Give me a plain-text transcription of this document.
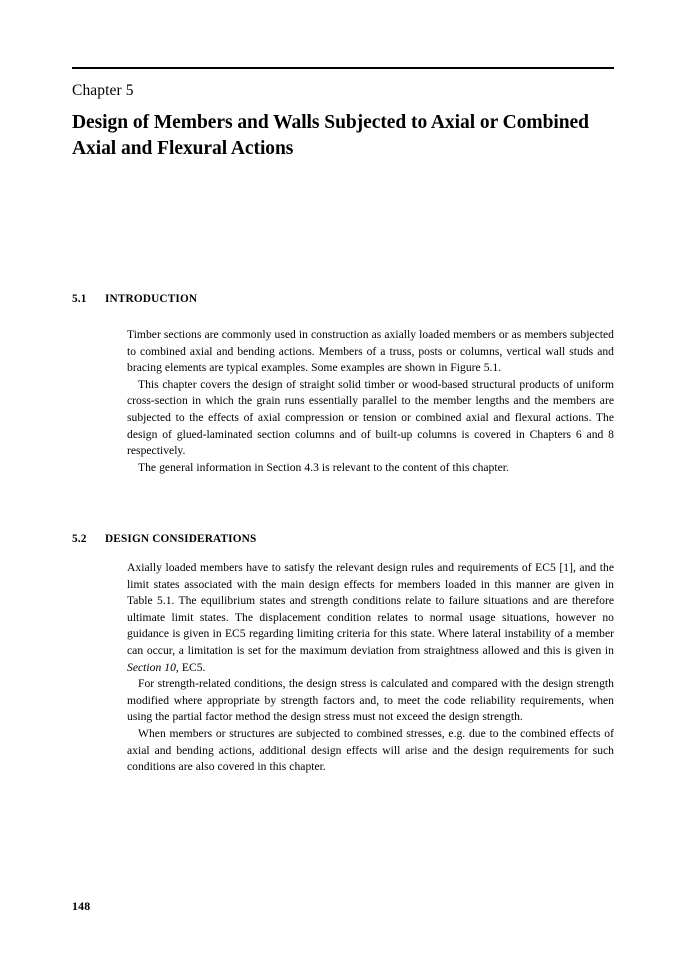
Chapter 5
Design of Members and Walls Subjected to Axial or Combined Axial and Flexural Actions
5.1 INTRODUCTION

Timber sections are commonly used in construction as axially loaded members or as members subjected to combined axial and bending actions. Members of a truss, posts or columns, vertical wall studs and bracing elements are typical examples. Some examples are shown in Figure 5.1.

This chapter covers the design of straight solid timber or wood-based structural products of uniform cross-section in which the grain runs essentially parallel to the member lengths and the members are subjected to the effects of axial compression or tension or combined axial and flexural actions. The design of glued-laminated section columns and of built-up columns is covered in Chapters 6 and 8 respectively.

The general information in Section 4.3 is relevant to the content of this chapter.

5.2 DESIGN CONSIDERATIONS

Axially loaded members have to satisfy the relevant design rules and requirements of EC5 [1], and the limit states associated with the main design effects for members loaded in this manner are given in Table 5.1. The equilibrium states and strength conditions relate to failure situations and are therefore ultimate limit states. The displacement condition relates to normal usage situations, however no guidance is given in EC5 regarding limiting criteria for this state. Where lateral instability of a member can occur, a limitation is set for the maximum deviation from straightness allowed and this is given in Section 10, EC5.

For strength-related conditions, the design stress is calculated and compared with the design strength modified where appropriate by strength factors and, to meet the code reliability requirements, when using the partial factor method the design stress must not exceed the design strength.

When members or structures are subjected to combined stresses, e.g. due to the combined effects of axial and bending actions, additional design effects will arise and the design requirements for such conditions are also covered in this chapter.

148
